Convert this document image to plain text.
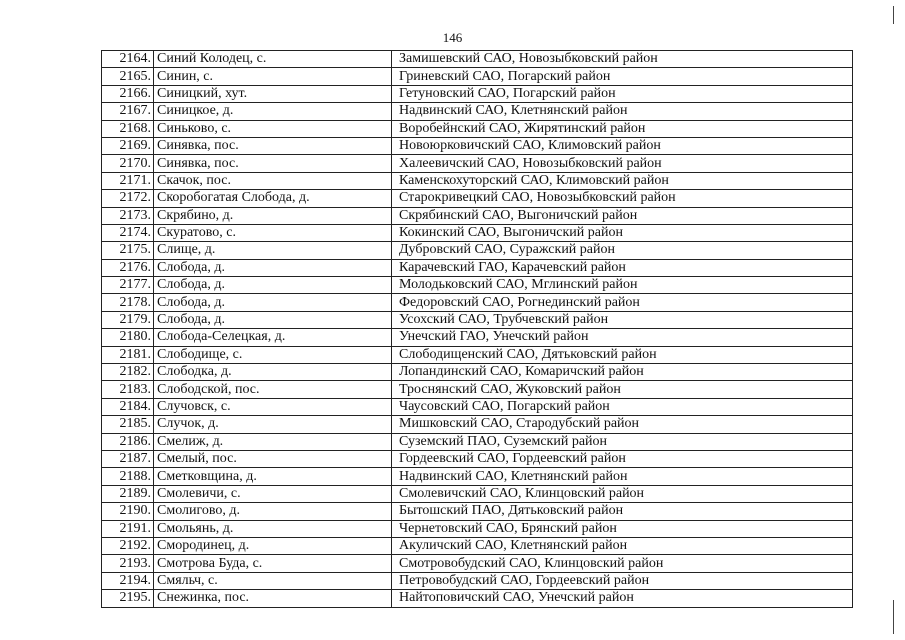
146
2164.	Синий Колодец, с.	Замишевский САО, Новозыбковский район
2165.	Синин, с.	Гриневский САО, Погарский район
2166.	Синицкий, хут.	Гетуновский САО, Погарский район
2167.	Синицкое, д.	Надвинский САО, Клетнянский район
2168.	Синьково, с.	Воробейнский САО, Жирятинский район
2169.	Синявка, пос.	Новоюрковичский САО, Климовский район
2170.	Синявка, пос.	Халеевичский САО, Новозыбковский район
2171.	Скачок, пос.	Каменскохуторский САО, Климовский район
2172.	Скоробогатая Слобода, д.	Старокривецкий САО, Новозыбковский район
2173.	Скрябино, д.	Скрябинский САО, Выгоничский район
2174.	Скуратово, с.	Кокинский САО, Выгоничский район
2175.	Слище, д.	Дубровский САО, Суражский район
2176.	Слобода, д.	Карачевский ГАО, Карачевский район
2177.	Слобода, д.	Молодьковский САО, Мглинский район
2178.	Слобода, д.	Федоровский САО, Рогнединский район
2179.	Слобода, д.	Усохский САО, Трубчевский район
2180.	Слобода-Селецкая, д.	Унечский ГАО, Унечский район
2181.	Слободище, с.	Слободищенский САО, Дятьковский район
2182.	Слободка, д.	Лопандинский САО, Комаричский район
2183.	Слободской, пос.	Троснянский САО, Жуковский район
2184.	Случовск, с.	Чаусовский САО, Погарский район
2185.	Случок, д.	Мишковский САО, Стародубский район
2186.	Смелиж, д.	Суземский ПАО, Суземский район
2187.	Смелый, пос.	Гордеевский САО, Гордеевский район
2188.	Сметковщина, д.	Надвинский САО, Клетнянский район
2189.	Смолевичи, с.	Смолевичский САО, Клинцовский район
2190.	Смолигово, д.	Бытошский ПАО, Дятьковский район
2191.	Смольянь, д.	Чернетовский САО, Брянский район
2192.	Смородинец, д.	Акуличский САО, Клетнянский район
2193.	Смотрова Буда, с.	Смотровобудский САО, Клинцовский район
2194.	Смяльч, с.	Петровобудский САО, Гордеевский район
2195.	Снежинка, пос.	Найтоповичский САО, Унечский район
